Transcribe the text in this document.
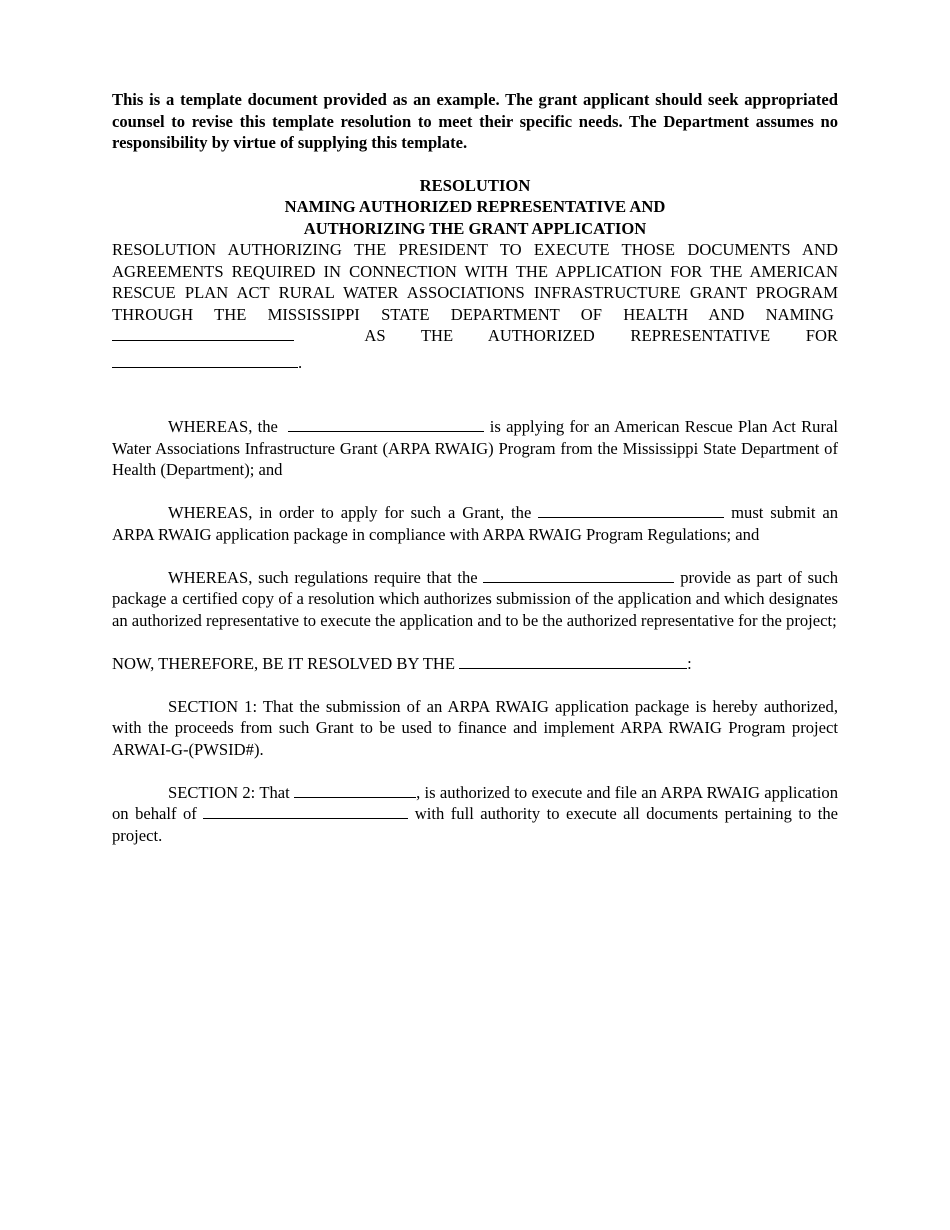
This is a template document provided as an example. The grant applicant should seek appropriated counsel to revise this template resolution to meet their specific needs. The Department assumes no responsibility by virtue of supplying this template.

RESOLUTION
NAMING AUTHORIZED REPRESENTATIVE AND
AUTHORIZING THE GRANT APPLICATION

RESOLUTION AUTHORIZING THE PRESIDENT TO EXECUTE THOSE DOCUMENTS AND AGREEMENTS REQUIRED IN CONNECTION WITH THE APPLICATION FOR THE AMERICAN RESCUE PLAN ACT RURAL WATER ASSOCIATIONS INFRASTRUCTURE GRANT PROGRAM THROUGH THE MISSISSIPPI STATE DEPARTMENT OF HEALTH AND NAMING    AS THE AUTHORIZED REPRESENTATIVE FOR .

WHEREAS, the	is applying for an American Rescue Plan Act Rural Water Associations Infrastructure Grant (ARPA RWAIG) Program from the Mississippi State Department of Health (Department); and

WHEREAS, in order to apply for such a Grant, the	must submit an ARPA RWAIG application package in compliance with ARPA RWAIG Program Regulations; and

WHEREAS, such regulations require that the	provide as part of such package a certified copy of a resolution which authorizes submission of the application and which designates an authorized representative to execute the application and to be the authorized representative for the project;

NOW, THEREFORE, BE IT RESOLVED BY THE	:

SECTION 1: That the submission of an ARPA RWAIG application package is hereby authorized, with the proceeds from such Grant to be used to finance and implement ARPA RWAIG Program project ARWAI-G-(PWSID#).

SECTION 2: That	, is authorized to execute and file an ARPA RWAIG application on behalf of	with full authority to execute all documents pertaining to the project.
